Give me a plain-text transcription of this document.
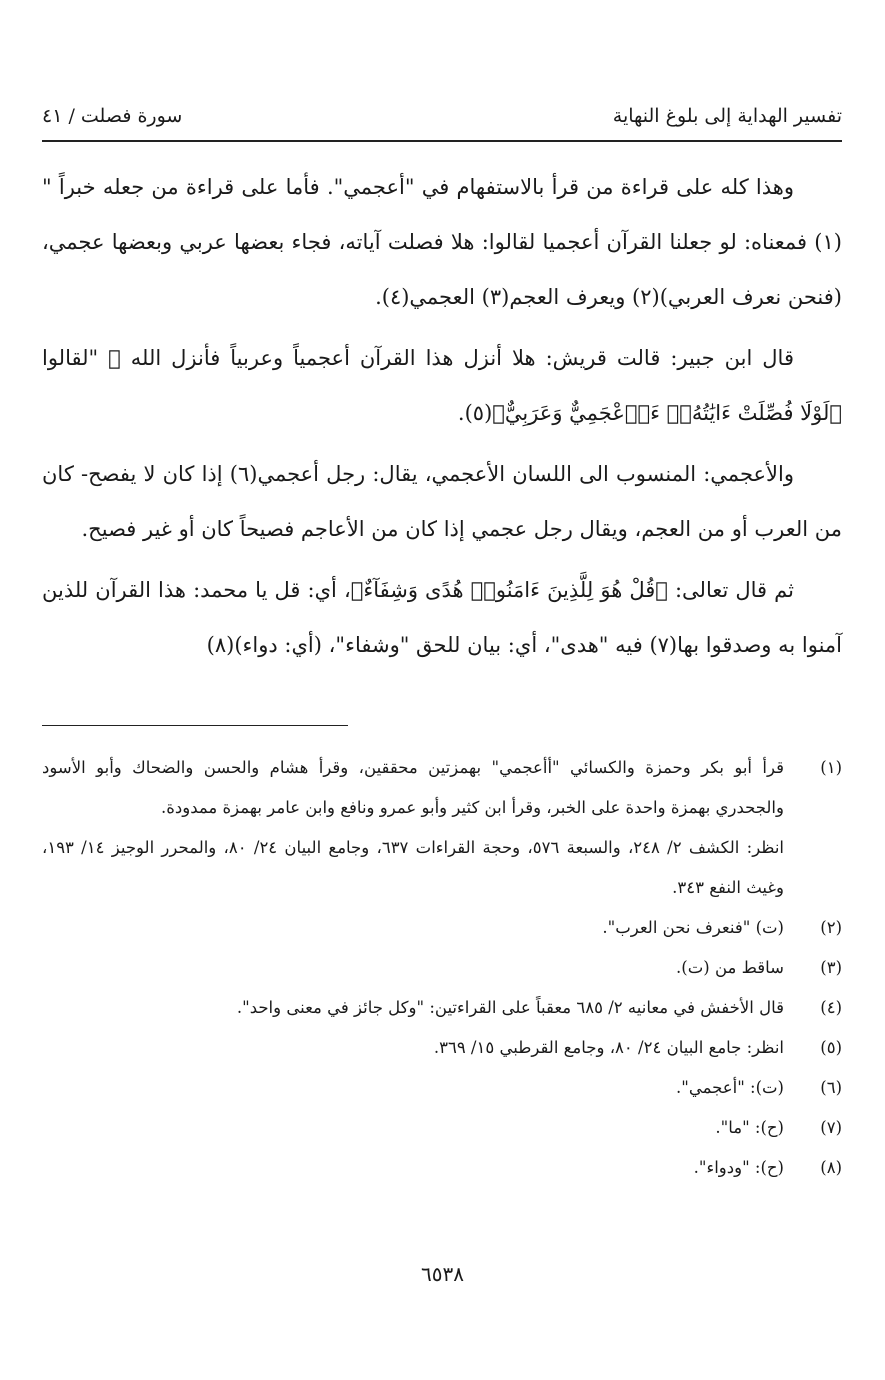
تفسير الهداية إلى بلوغ النهاية
سورة فصلت / ٤١

وهذا كله على قراءة من قرأ بالاستفهام في "أعجمي". فأما على قراءة من جعله خبراً "(١) فمعناه: لو جعلنا القرآن أعجميا لقالوا: هلا فصلت آياته، فجاء بعضها عربي وبعضها عجمي، (فنحن نعرف العربي)(٢) ويعرف العجم(٣) العجمي(٤).

قال ابن جبير: قالت قريش: هلا أنزل هذا القرآن أعجمياً وعربياً فأنزل الله ﷺ "لقالوا ﴿لَوْلَا فُصِّلَتْ ءَايَٰتُهُۥٓ ءَا۬عْجَمِيٌّ وَعَرَبِيٌّ﴾(٥).

والأعجمي: المنسوب الى اللسان الأعجمي، يقال: رجل أعجمي(٦) إذا كان لا يفصح- كان من العرب أو من العجم، ويقال رجل عجمي إذا كان من الأعاجم فصيحاً كان أو غير فصيح.

ثم قال تعالى: ﴿قُلْ هُوَ لِلَّذِينَ ءَامَنُوا۟ هُدًى وَشِفَآءٌ﴾، أي: قل يا محمد: هذا القرآن للذين آمنوا به وصدقوا بها(٧) فيه "هدى"، أي: بيان للحق "وشفاء"، (أي: دواء)(٨)

(١)
قرأ أبو بكر وحمزة والكسائي "أأعجمي" بهمزتين محققين، وقرأ هشام والحسن والضحاك وأبو الأسود والجحدري بهمزة واحدة على الخبر، وقرأ ابن كثير وأبو عمرو ونافع وابن عامر بهمزة ممدودة.
انظر: الكشف ٢/ ٢٤٨، والسبعة ٥٧٦، وحجة القراءات ٦٣٧، وجامع البيان ٢٤/ ٨٠، والمحرر الوجيز ١٤/ ١٩٣، وغيث النفع ٣٤٣.
(٢)
(ت) "فنعرف نحن العرب".
(٣)
ساقط من (ت).
(٤)
قال الأخفش في معانيه ٢/ ٦٨٥ معقباً على القراءتين: "وكل جائز في معنى واحد".
(٥)
انظر: جامع البيان ٢٤/ ٨٠، وجامع القرطبي ١٥/ ٣٦٩.
(٦)
(ت): "أعجمي".
(٧)
(ح): "ما".
(٨)
(ح): "ودواء".
٦٥٣٨
